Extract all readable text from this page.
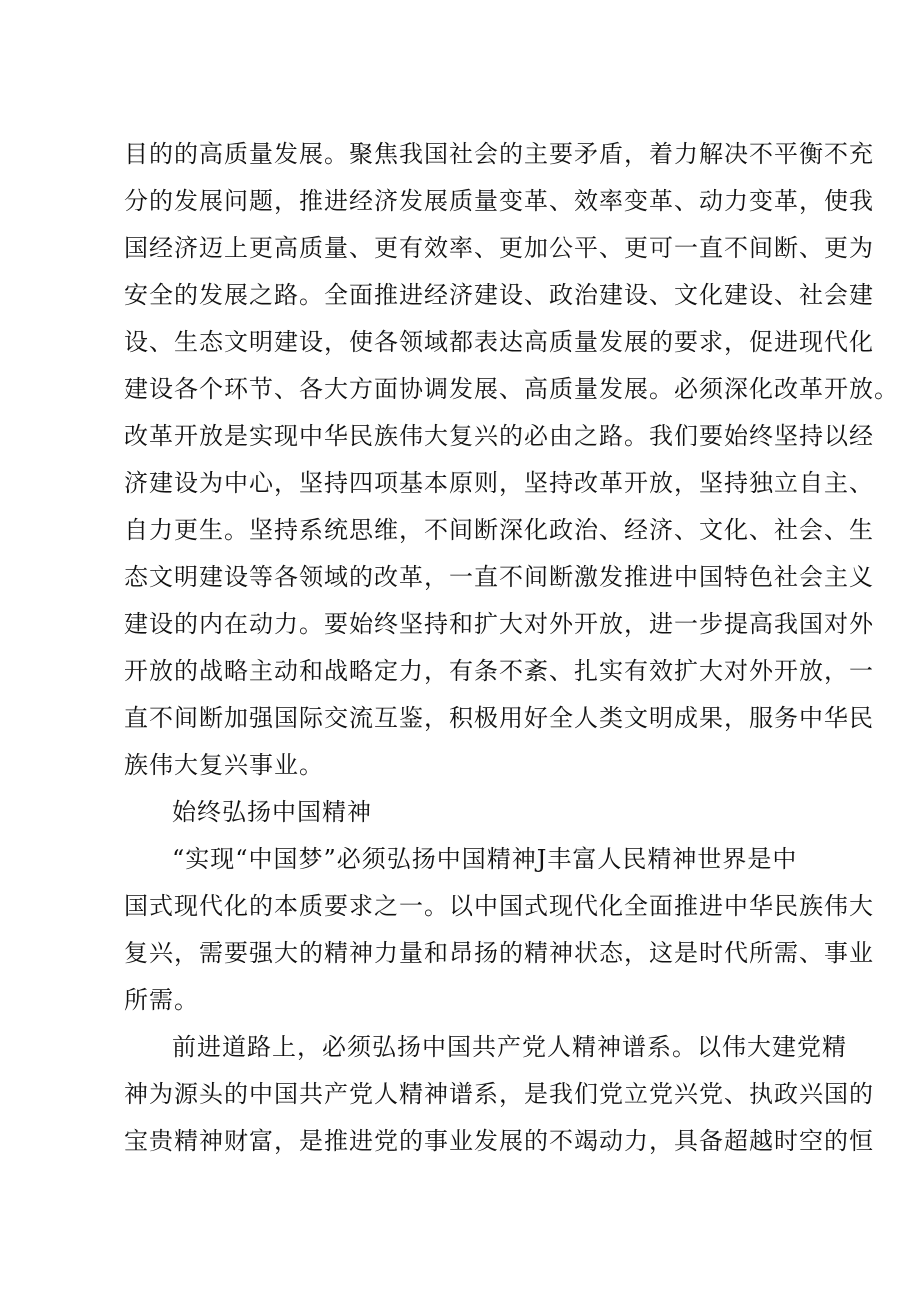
目的的高质量发展。聚焦我国社会的主要矛盾，着力解决不平衡不充
分的发展问题，推进经济发展质量变革、效率变革、动力变革，使我
国经济迈上更高质量、更有效率、更加公平、更可一直不间断、更为
安全的发展之路。全面推进经济建设、政治建设、文化建设、社会建
设、生态文明建设，使各领域都表达高质量发展的要求，促进现代化
建设各个环节、各大方面协调发展、高质量发展。必须深化改革开放。
改革开放是实现中华民族伟大复兴的必由之路。我们要始终坚持以经
济建设为中心，坚持四项基本原则，坚持改革开放，坚持独立自主、
自力更生。坚持系统思维，不间断深化政治、经济、文化、社会、生
态文明建设等各领域的改革，一直不间断激发推进中国特色社会主义
建设的内在动力。要始终坚持和扩大对外开放，进一步提高我国对外
开放的战略主动和战略定力，有条不紊、扎实有效扩大对外开放，一
直不间断加强国际交流互鉴，积极用好全人类文明成果，服务中华民
族伟大复兴事业。
始终弘扬中国精神
“实现“中国梦”必须弘扬中国精神J丰富人民精神世界是中
国式现代化的本质要求之一。以中国式现代化全面推进中华民族伟大
复兴，需要强大的精神力量和昂扬的精神状态，这是时代所需、事业
所需。
前进道路上，必须弘扬中国共产党人精神谱系。以伟大建党精
神为源头的中国共产党人精神谱系，是我们党立党兴党、执政兴国的
宝贵精神财富，是推进党的事业发展的不竭动力，具备超越时空的恒
